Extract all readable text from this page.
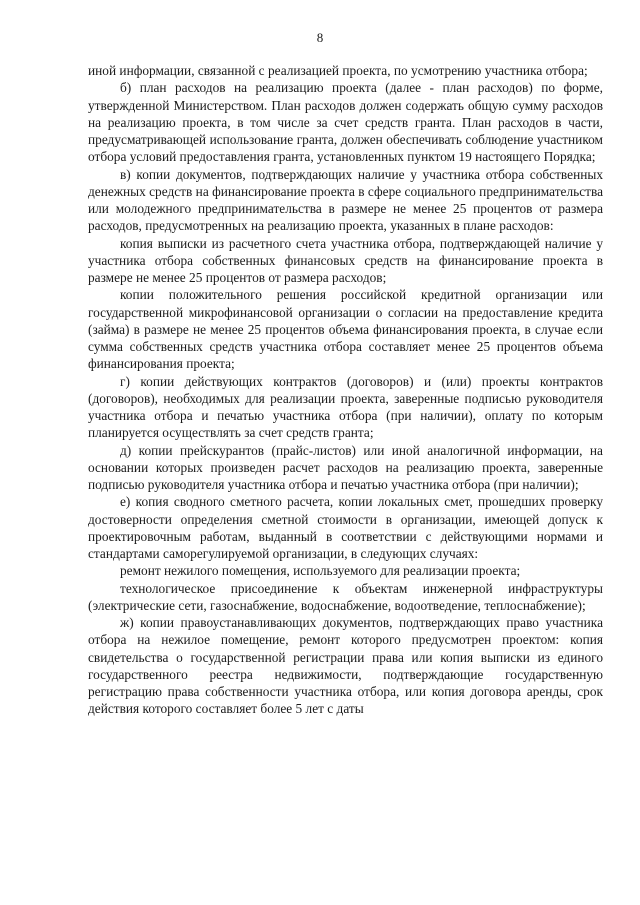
8

иной информации, связанной с реализацией проекта, по усмотрению участника отбора;

б) план расходов на реализацию проекта (далее - план расходов) по форме, утвержденной Министерством. План расходов должен содержать общую сумму расходов на реализацию проекта, в том числе за счет средств гранта. План расходов в части, предусматривающей использование гранта, должен обеспечивать соблюдение участником отбора условий предоставления гранта, установленных пунктом 19 настоящего Порядка;

в) копии документов, подтверждающих наличие у участника отбора собственных денежных средств на финансирование проекта в сфере социального предпринимательства или молодежного предпринимательства в размере не менее 25 процентов от размера расходов, предусмотренных на реализацию проекта, указанных в плане расходов:

копия выписки из расчетного счета участника отбора, подтверждающей наличие у участника отбора собственных финансовых средств на финансирование проекта в размере не менее 25 процентов от размера расходов;

копии положительного решения российской кредитной организации или государственной микрофинансовой организации о согласии на предоставление кредита (займа) в размере не менее 25 процентов объема финансирования проекта, в случае если сумма собственных средств участника отбора составляет менее 25 процентов объема финансирования проекта;

г) копии действующих контрактов (договоров) и (или) проекты контрактов (договоров), необходимых для реализации проекта, заверенные подписью руководителя участника отбора и печатью участника отбора (при наличии), оплату по которым планируется осуществлять за счет средств гранта;

д) копии прейскурантов (прайс-листов) или иной аналогичной информации, на основании которых произведен расчет расходов на реализацию проекта, заверенные подписью руководителя участника отбора и печатью участника отбора (при наличии);

е) копия сводного сметного расчета, копии локальных смет, прошедших проверку достоверности определения сметной стоимости в организации, имеющей допуск к проектировочным работам, выданный в соответствии с действующими нормами и стандартами саморегулируемой организации, в следующих случаях:

ремонт нежилого помещения, используемого для реализации проекта;

технологическое присоединение к объектам инженерной инфраструктуры (электрические сети, газоснабжение, водоснабжение, водоотведение, теплоснабжение);

ж) копии правоустанавливающих документов, подтверждающих право участника отбора на нежилое помещение, ремонт которого предусмотрен проектом: копия свидетельства о государственной регистрации права или копия выписки из единого государственного реестра недвижимости, подтверждающие государственную регистрацию права собственности участника отбора, или копия договора аренды, срок действия которого составляет более 5 лет с даты
